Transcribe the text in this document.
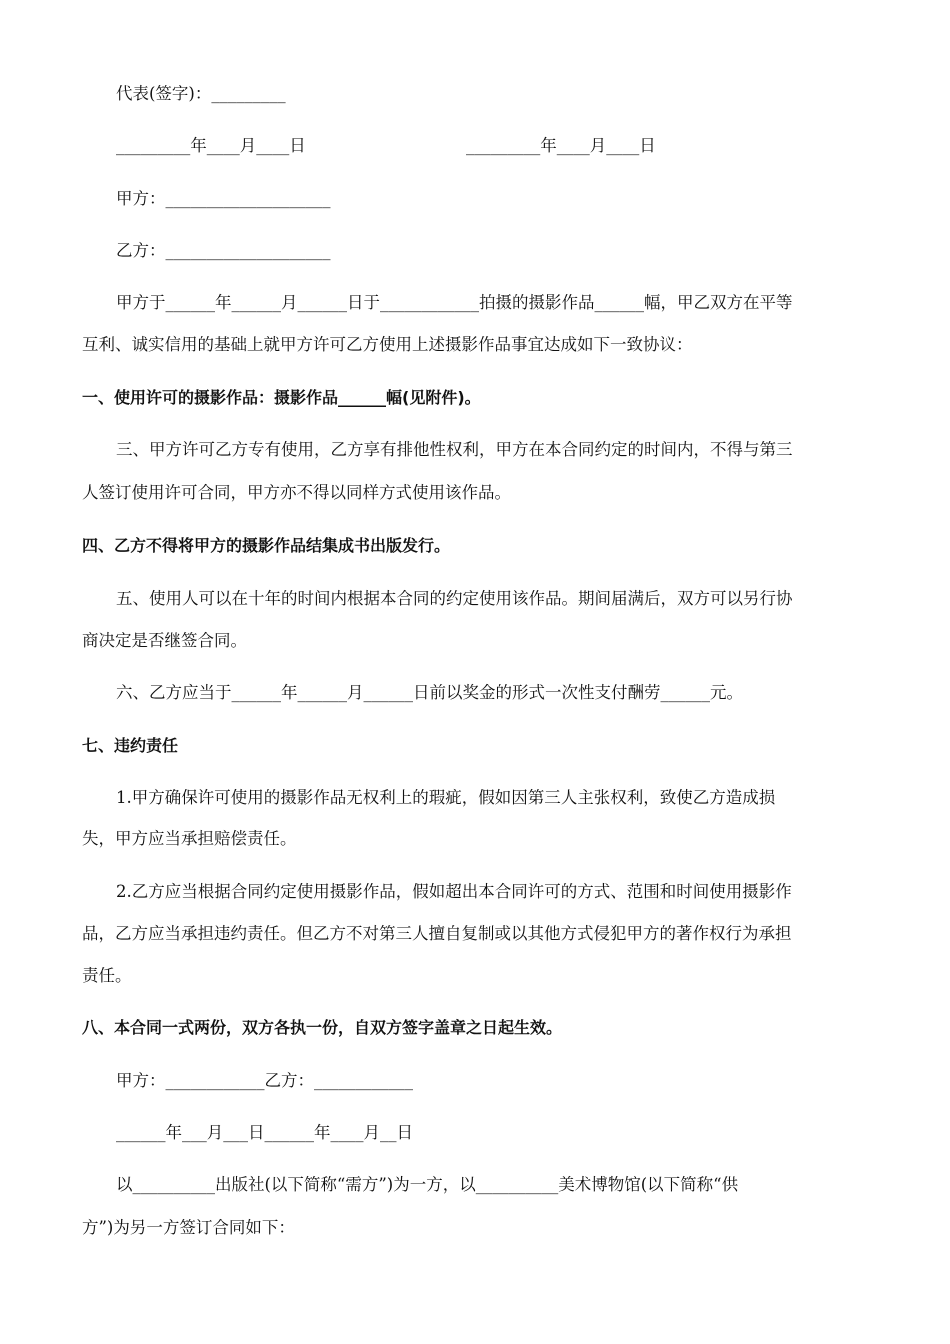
代表(签字)：_________
_________年____月____日	_________年____月____日
甲方：____________________
乙方：____________________
甲方于______年______月______日于____________拍摄的摄影作品______幅，甲乙双方在平等
互利、诚实信用的基础上就甲方许可乙方使用上述摄影作品事宜达成如下一致协议：
一、使用许可的摄影作品：摄影作品______幅(见附件)。
三、甲方许可乙方专有使用，乙方享有排他性权利，甲方在本合同约定的时间内，不得与第三
人签订使用许可合同，甲方亦不得以同样方式使用该作品。
四、乙方不得将甲方的摄影作品结集成书出版发行。
五、使用人可以在十年的时间内根据本合同的约定使用该作品。期间届满后，双方可以另行协
商决定是否继签合同。
六、乙方应当于______年______月______日前以奖金的形式一次性支付酬劳______元。
七、违约责任
1.甲方确保许可使用的摄影作品无权利上的瑕疵，假如因第三人主张权利，致使乙方造成损
失，甲方应当承担赔偿责任。
2.乙方应当根据合同约定使用摄影作品，假如超出本合同许可的方式、范围和时间使用摄影作
品，乙方应当承担违约责任。但乙方不对第三人擅自复制或以其他方式侵犯甲方的著作权行为承担
责任。
八、本合同一式两份，双方各执一份，自双方签字盖章之日起生效。
甲方：____________乙方：____________
______年___月___日______年____月__日
以__________出版社(以下简称“需方”)为一方，以__________美术博物馆(以下简称“供
方”)为另一方签订合同如下：
